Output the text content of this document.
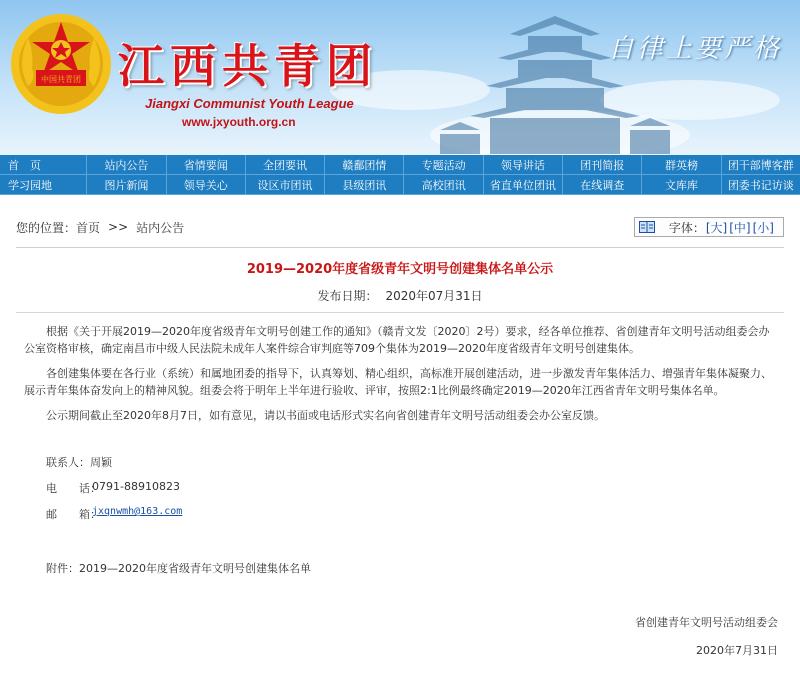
中国共青团 江西共青团
Jiangxi Communist Youth League
www.jxyouth.org.cn
自律上要严格
首　页	站内公告	省情要闻	全团要讯	赣鄱团情	专题活动	领导讲话	团刊简报	群英榜	团干部博客群
学习园地	图片新闻	领导关心	设区市团讯	县级团讯	高校团讯	省直单位团讯	在线调查	文库库	团委书记访谈
您的位置： 首页 >> 站内公告	字体： [大] [中] [小]
2019—2020年度省级青年文明号创建集体名单公示
发布日期： 2020年07月31日

根据《关于开展2019—2020年度省级青年文明号创建工作的通知》（赣青文发〔2020〕2号）要求，经各单位推荐、省创建青年文明号活动组委会办公室资格审核，确定南昌市中级人民法院未成年人案件综合审判庭等709个集体为2019—2020年度省级青年文明号创建集体。

各创建集体要在各行业（系统）和属地团委的指导下，认真筹划、精心组织，高标准开展创建活动，进一步激发青年集体活力、增强青年集体凝聚力、展示青年集体奋发向上的精神风貌。组委会将于明年上半年进行验收、评审，按照2:1比例最终确定2019—2020年江西省青年文明号集体名单。

公示期间截止至2020年8月7日，如有意见，请以书面或电话形式实名向省创建青年文明号活动组委会办公室反馈。

联系人： 周颖
电　　话：
0791-88910823
邮　　箱：
jxqnwmh@163.com
附件：2019—2020年度省级青年文明号创建集体名单
省创建青年文明号活动组委会
2020年7月31日
